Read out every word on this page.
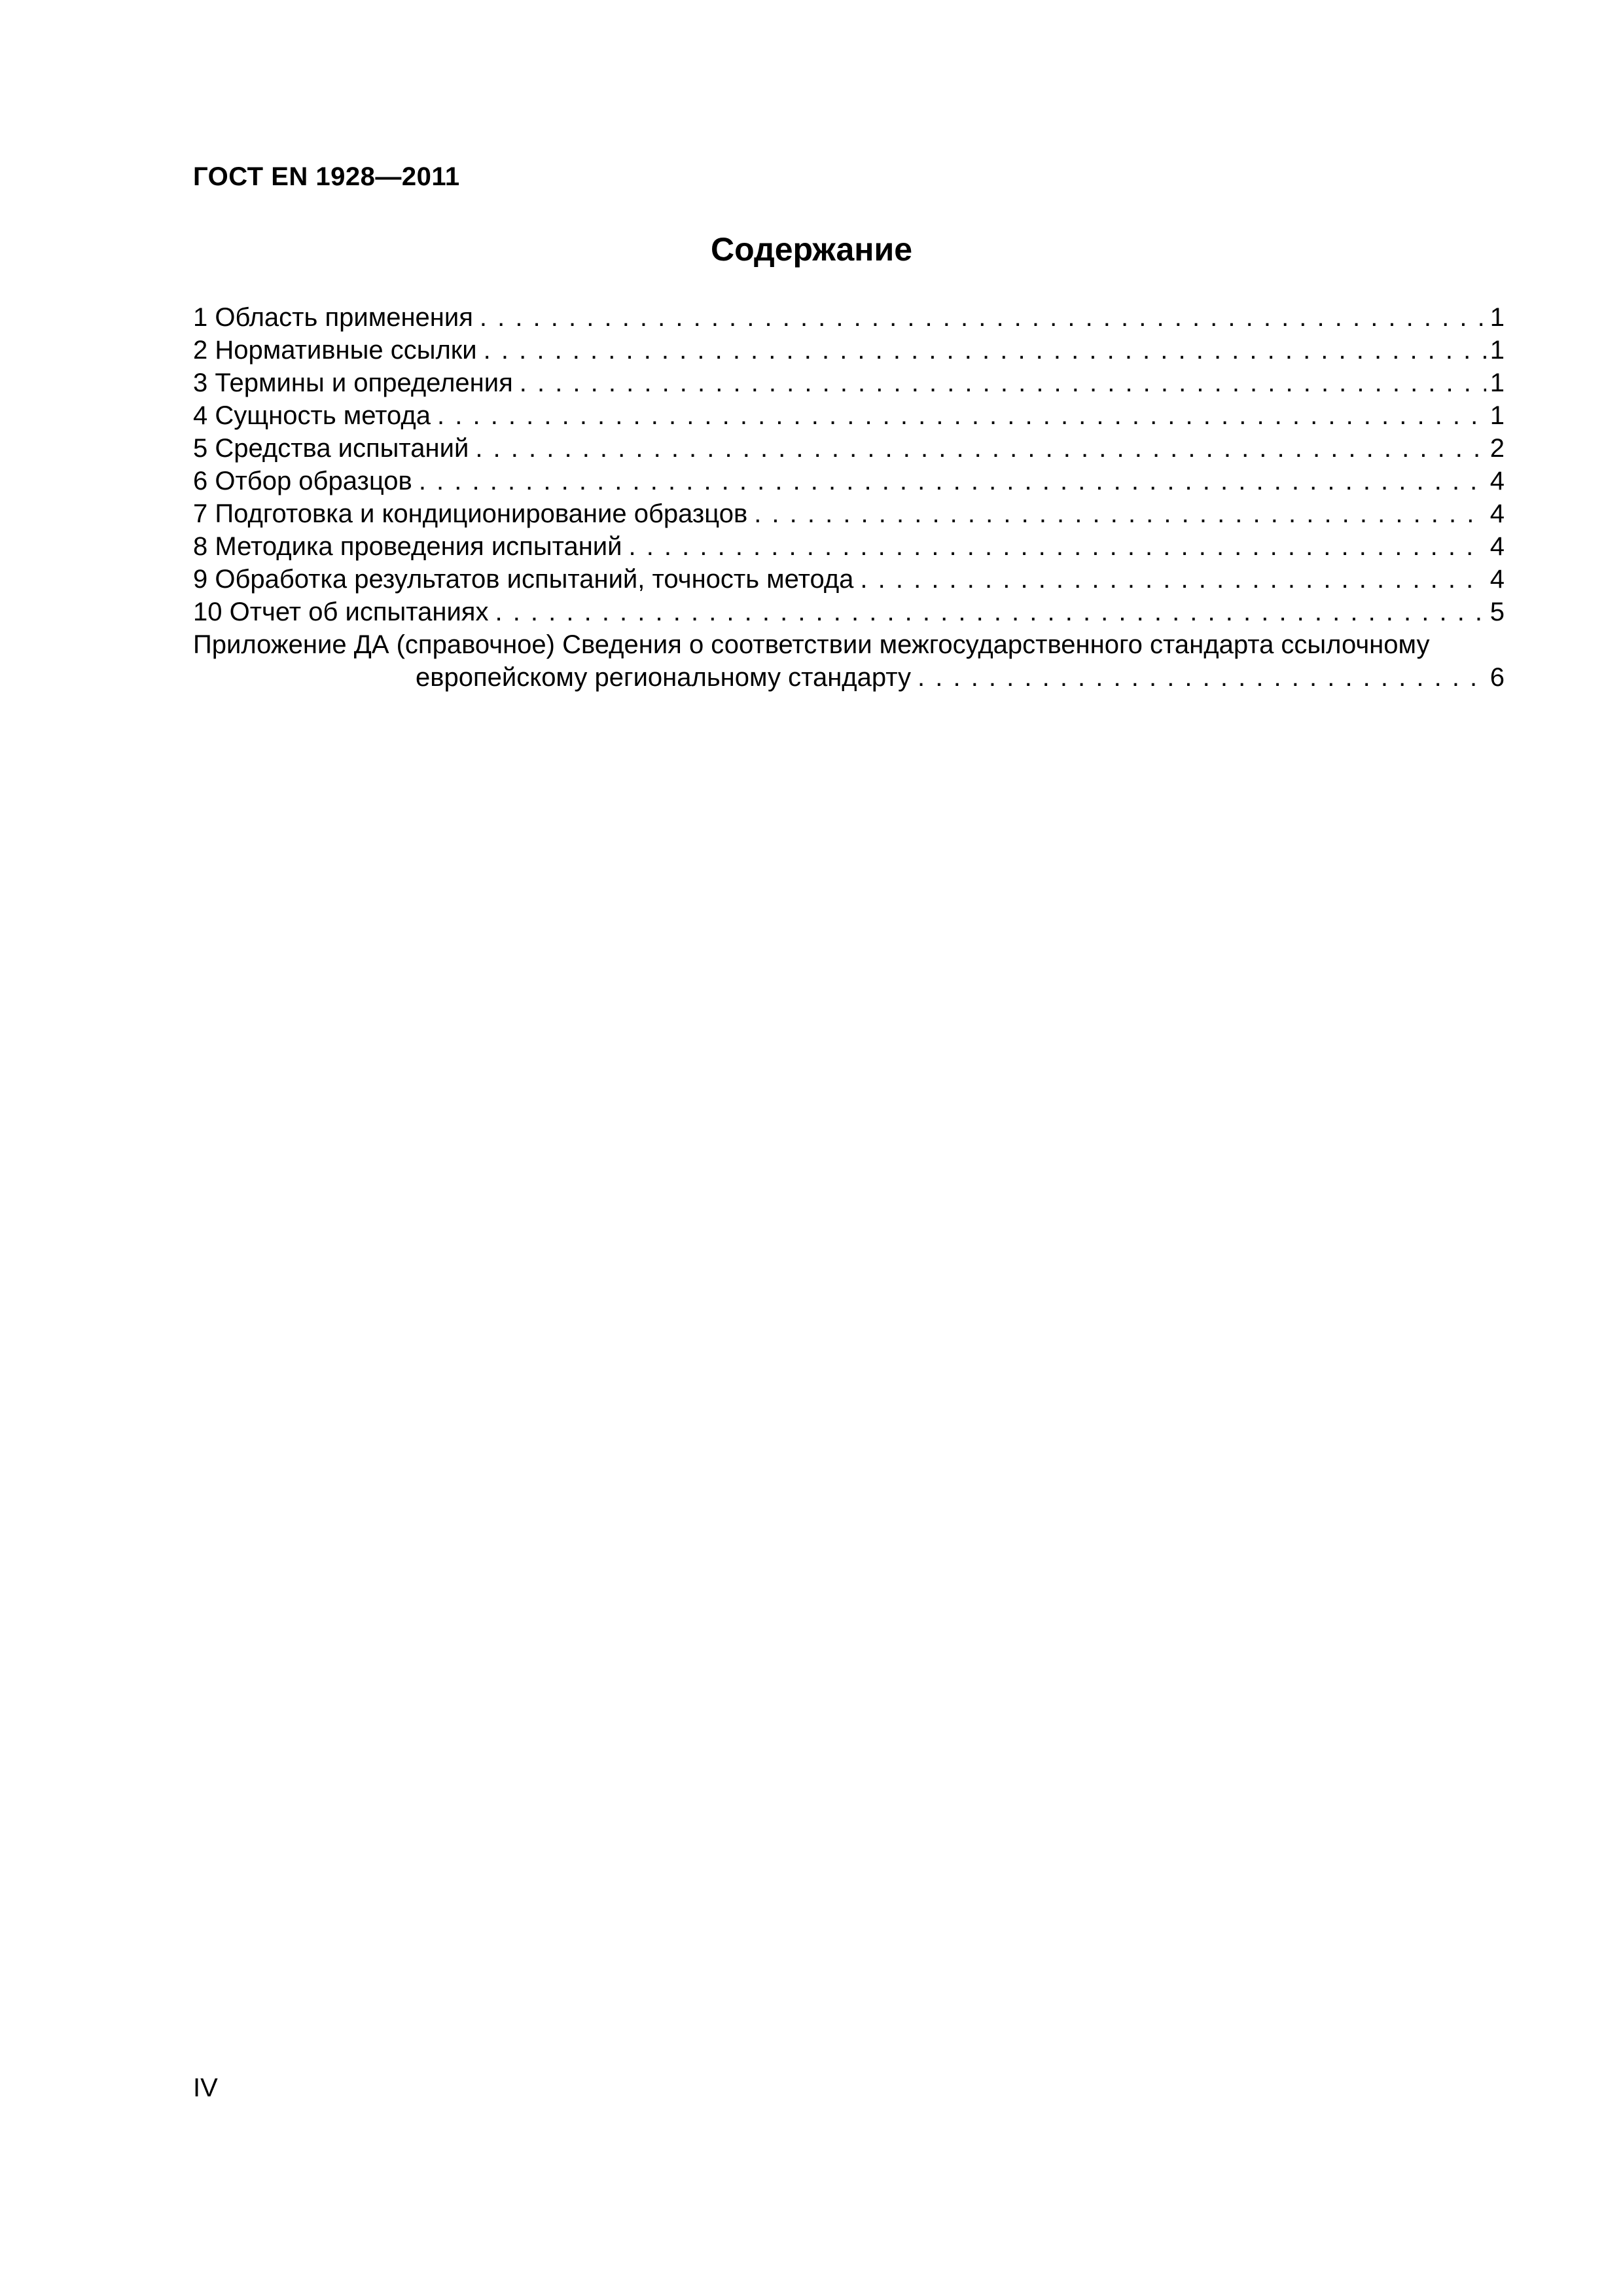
ГОСТ EN 1928—2011
Содержание
1 Область применения . . .	1
2 Нормативные ссылки . . .	1
3 Термины и определения . . .	1
4 Сущность метода . . .	1
5 Средства испытаний . . .	2
6 Отбор образцов . . .	4
7 Подготовка и кондиционирование образцов . . .	4
8 Методика проведения испытаний . . .	4
9 Обработка результатов испытаний, точность метода . . .	4
10 Отчет об испытаниях . . .	5
Приложение ДА (справочное) Сведения о соответствии межгосударственного стандарта ссылочному
европейскому региональному стандарту . . .	6
IV
